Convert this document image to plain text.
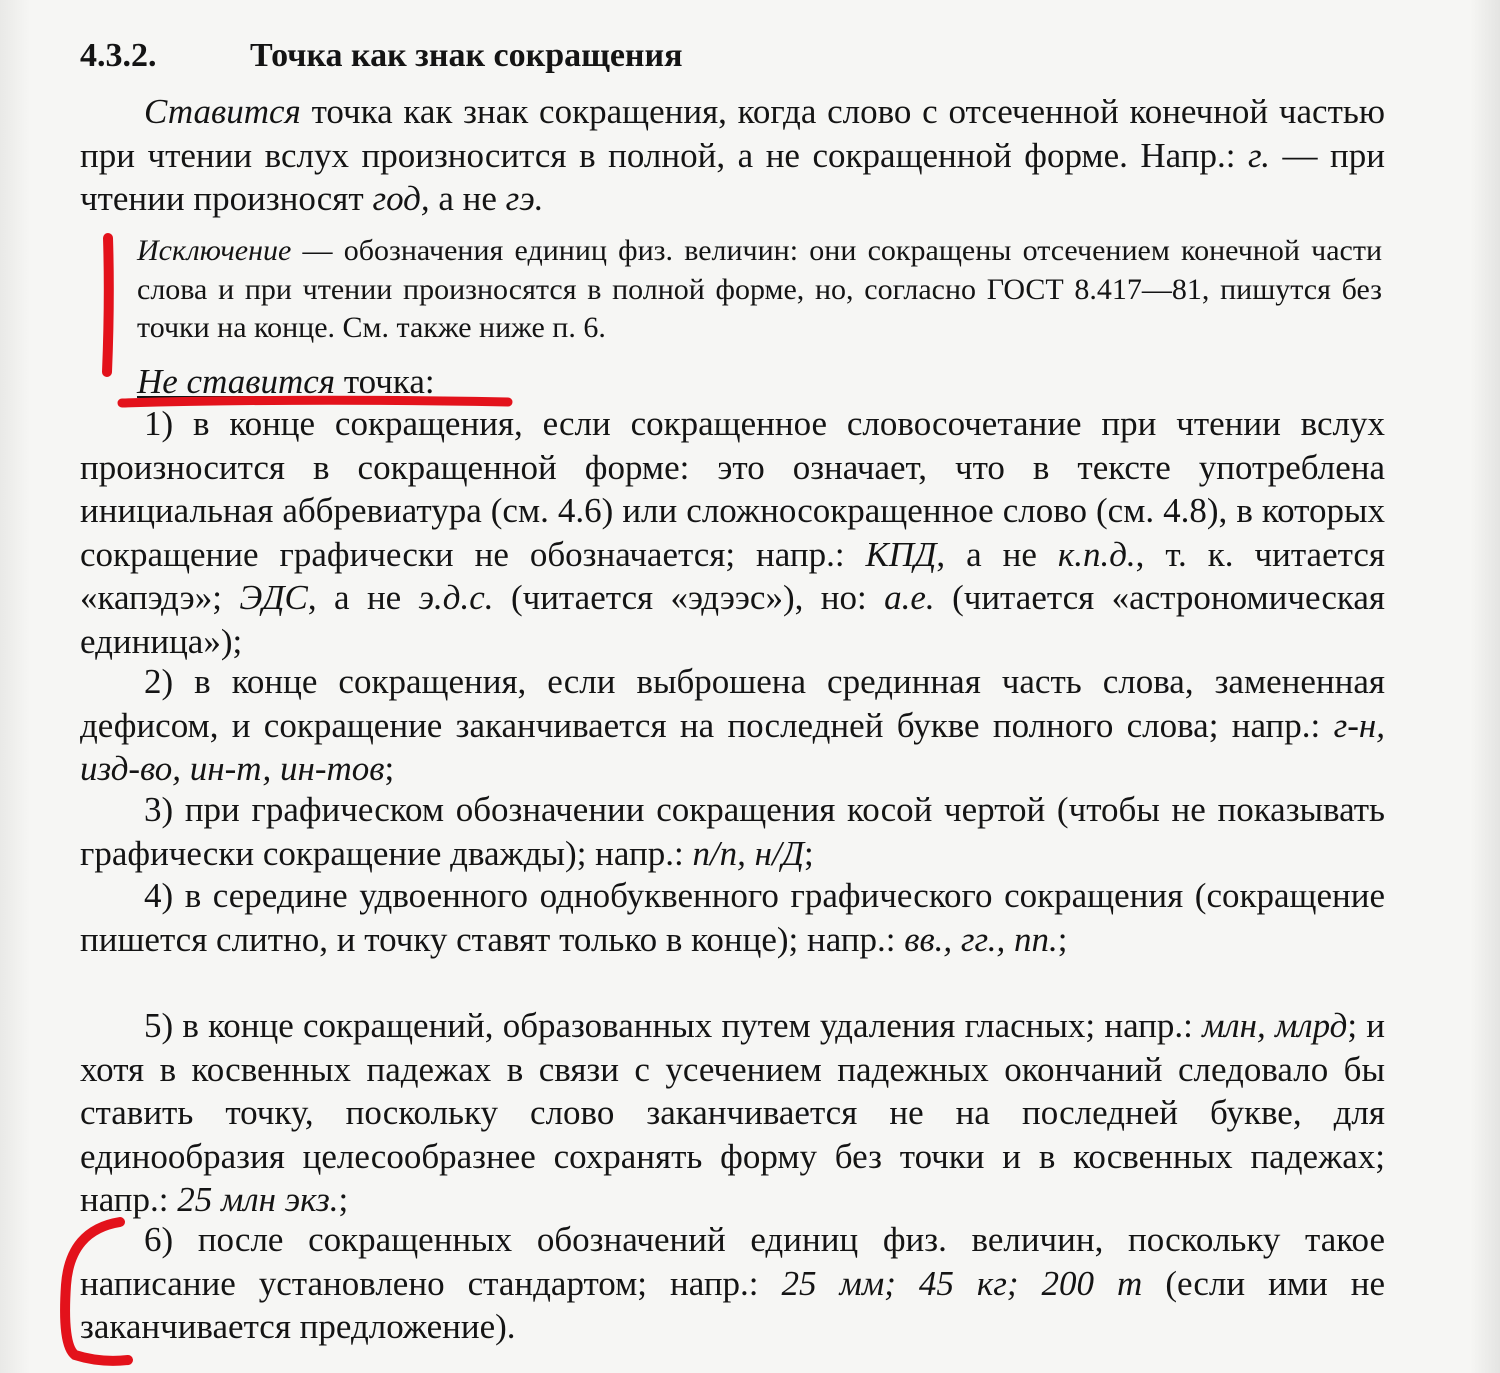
4.3.2.	Точка как знак сокращения

Ставится точка как знак сокращения, когда слово с отсеченной конечной частью при чтении вслух произносится в полной, а не сокращенной форме. Напр.: г. — при чтении произносят год, а не гэ.

Исключение — обозначения единиц физ. величин: они сокращены отсечением конечной части слова и при чтении произносятся в полной форме, но, согласно ГОСТ 8.417—81, пишутся без точки на конце. См. также ниже п. 6.

Не ставится точка:

1) в конце сокращения, если сокращенное словосочетание при чтении вслух произносится в сокращенной форме: это означает, что в тексте употреблена инициальная аббревиатура (см. 4.6) или сложносокращенное слово (см. 4.8), в которых сокращение графически не обозначается; напр.: КПД, а не к.п.д., т. к. читается «капэдэ»; ЭДС, а не э.д.с. (читается «эдээс»), но: а.е. (читается «астрономическая единица»);

2) в конце сокращения, если выброшена срединная часть слова, замененная дефисом, и сокращение заканчивается на последней букве полного слова; напр.: г-н, изд-во, ин-т, ин-тов;

3) при графическом обозначении сокращения косой чертой (чтобы не показывать графически сокращение дважды); напр.: п/п, н/Д;

4) в середине удвоенного однобуквенного графического сокращения (сокращение пишется слитно, и точку ставят только в конце); напр.: вв., гг., пп.;

5) в конце сокращений, образованных путем удаления гласных; напр.: млн, млрд; и хотя в косвенных падежах в связи с усечением падежных окончаний следовало бы ставить точку, поскольку слово заканчивается не на последней букве, для единообразия целесообразнее сохранять форму без точки и в косвенных падежах; напр.: 25 млн экз.;

6) после сокращенных обозначений единиц физ. величин, поскольку такое написание установлено стандартом; напр.: 25 мм; 45 кг; 200 т (если ими не заканчивается предложение).
